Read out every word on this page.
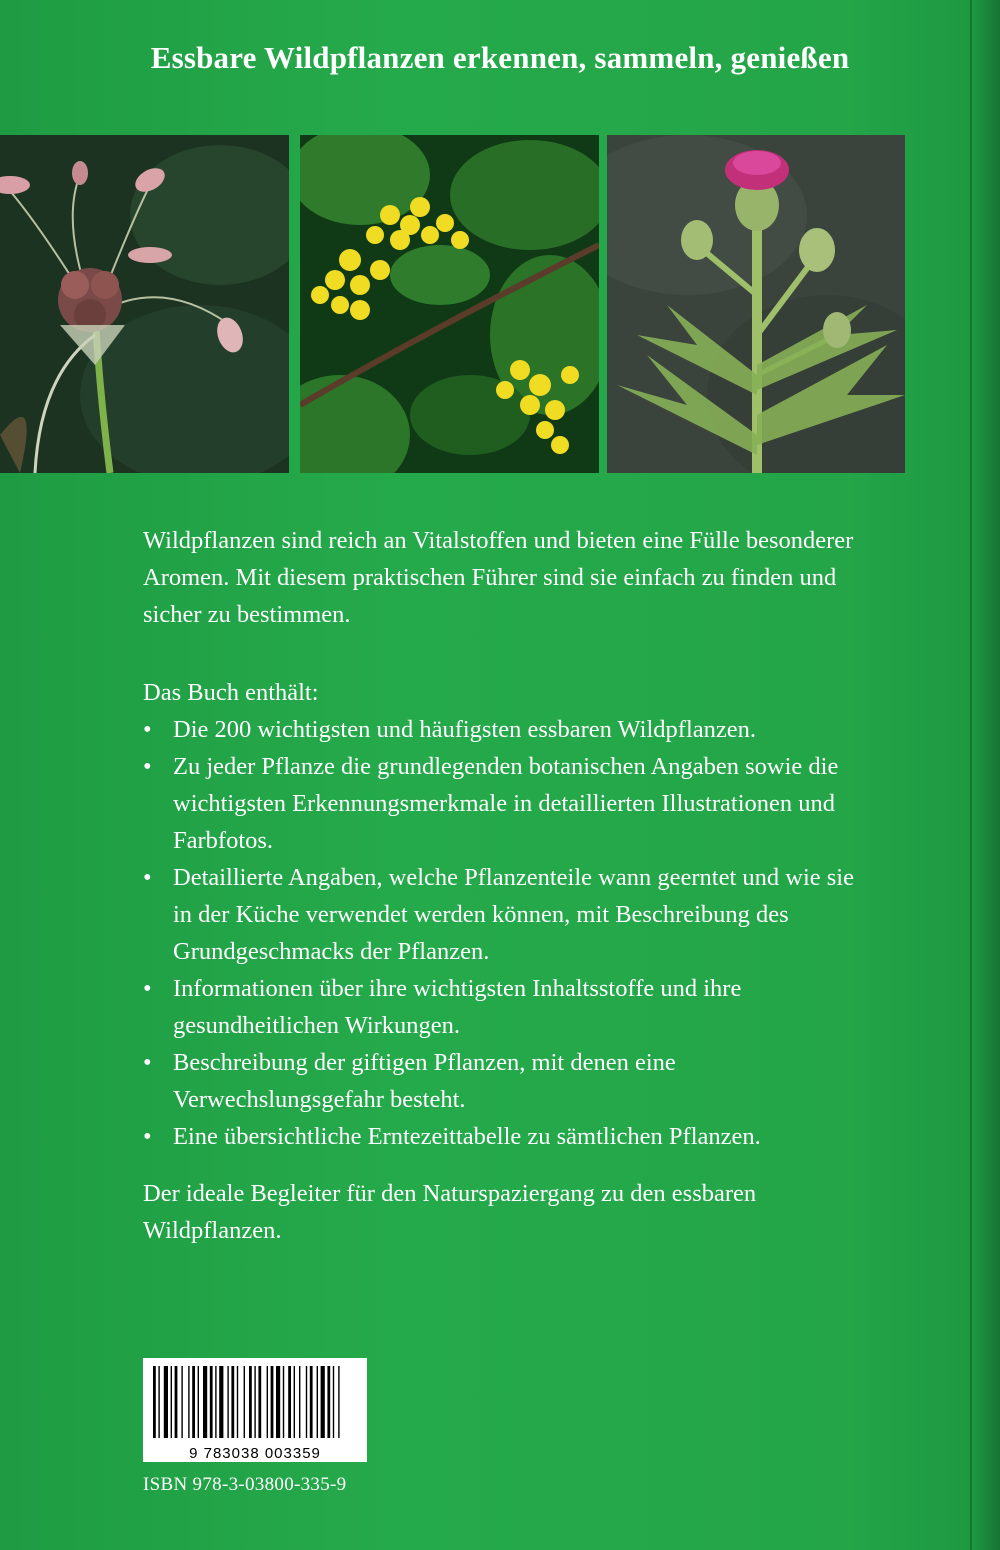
Essbare Wildpflanzen erkennen, sammeln, genießen

Wildpflanzen sind reich an Vitalstoffen und bieten eine Fülle besonderer Aromen. Mit diesem praktischen Führer sind sie einfach zu finden und sicher zu bestimmen.

Das Buch enthält:

• Die 200 wichtigsten und häufigsten essbaren Wildpflanzen.
• Zu jeder Pflanze die grundlegenden botanischen Angaben sowie die wichtigsten Erkennungsmerkmale in detaillierten Illustrationen und Farbfotos.
• Detaillierte Angaben, welche Pflanzenteile wann geerntet und wie sie in der Küche verwendet werden können, mit Beschreibung des Grundgeschmacks der Pflanzen.
• Informationen über ihre wichtigsten Inhaltsstoffe und ihre gesundheitlichen Wirkungen.
• Beschreibung der giftigen Pflanzen, mit denen eine Verwechslungsgefahr besteht.
• Eine übersichtliche Erntezeittabelle zu sämtlichen Pflanzen.

Der ideale Begleiter für den Naturspaziergang zu den essbaren Wildpflanzen.

9 783038 003359
ISBN 978-3-03800-335-9
